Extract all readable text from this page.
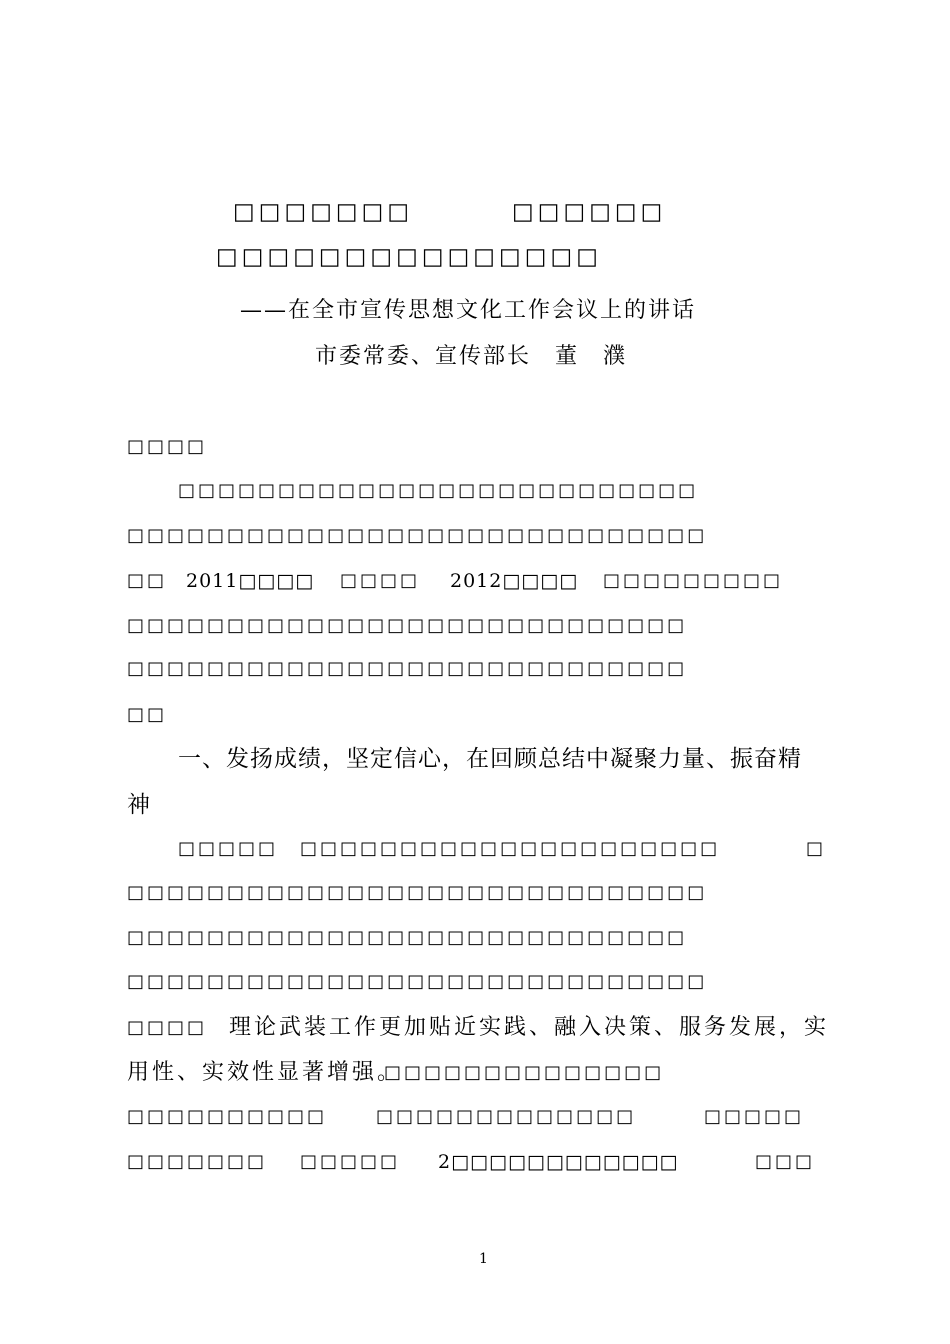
□□□□□□□	□□□□□□
□□□□□□□□□□□□□□□
——在全市宣传思想文化工作会议上的讲话
市委常委、宣传部长　董　濮
□□□□
□□□□□□□□□□□□□□□□□□□□□□□□□□
□□□□□□□□□□□□□□□□□□□□□□□□□□□□□
□□ 2011□□□□ □□□□ 2012□□□□ □□□□□□□□□
□□□□□□□□□□□□□□□□□□□□□□□□□□□□
□□□□□□□□□□□□□□□□□□□□□□□□□□□□
□□
一、发扬成绩，坚定信心，在回顾总结中凝聚力量、振奋精
神
□□□□□ □□□□□□□□□□□□□□□□□□□□□	□
□□□□□□□□□□□□□□□□□□□□□□□□□□□□□
□□□□□□□□□□□□□□□□□□□□□□□□□□□□
□□□□□□□□□□□□□□□□□□□□□□□□□□□□□
□□□□ 理论武装工作更加贴近实践、融入决策、服务发展，实
用性、实效性显著增强。
□□□□□□□□□□□□□□
□□□□□□□□□□	□□□□□□□□□□□□□	□□□□□
□□□□□□□ □□□□□ 2□□□□□□□□□□□□	□□□
1
